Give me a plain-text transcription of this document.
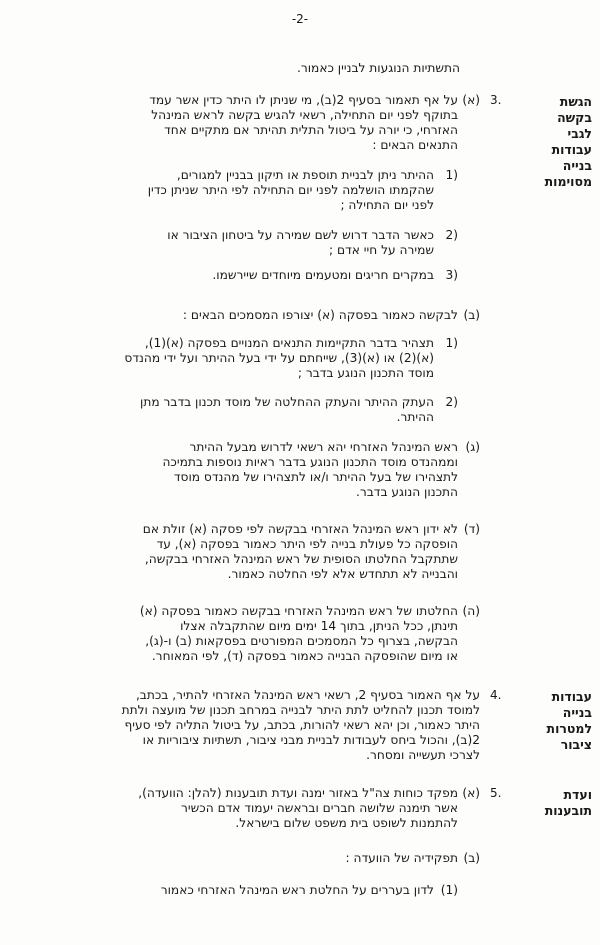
-2-
התשתיות הנוגעות לבניין כאמור.
הגשת
בקשה
לגבי
עבודות
בנייה
מסוימות
3.
(א)
על אף תאמור בסעיף 2(ב), מי שניתן לו היתר כדין אשר עמד
בתוקף לפני יום התחילה, רשאי להגיש בקשה לראש המינהל
האזרחי, כי יורה על ביטול התלית תהיתר אם מתקיים אחד
התנאים הבאים :
(1
ההיתר ניתן לבניית תוספת או תיקון בבניין למגורים,
שהקמתו הושלמה לפני יום התחילה לפי היתר שניתן כדין
לפני יום התחילה ;
(2
כאשר הדבר דרוש לשם שמירה על ביטחון הציבור או
שמירה על חיי אדם ;
(3
במקרים חריגים ומטעמים מיוחדים שיירשמו.
(ב)
לבקשה כאמור בפסקה (א) יצורפו המסמכים הבאים :
(1
תצהיר בדבר התקיימות התנאים המנויים בפסקה (א)(1),
(א)(2) או (א)(3), שייחתם על ידי בעל ההיתר ועל ידי מהנדס
מוסד התכנון הנוגע בדבר ;
(2
העתק ההיתר והעתק ההחלטה של מוסד תכנון בדבר מתן
ההיתר.
(ג)
ראש המינהל האזרחי יהא רשאי לדרוש מבעל ההיתר
וממהנדס מוסד התכנון הנוגע בדבר ראיות נוספות בתמיכה
לתצהירו של בעל ההיתר ו/או לתצהירו של מהנדס מוסד
התכנון הנוגע בדבר.
(ד)
לא ידון ראש המינהל האזרחי בבקשה לפי פסקה (א) זולת אם
הופסקה כל פעולת בנייה לפי היתר כאמור בפסקה (א), עד
שתתקבל החלטתו הסופית של ראש המינהל האזרחי בבקשה,
והבנייה לא תתחדש אלא לפי החלטה כאמור.
(ה)
החלטתו של ראש המינהל האזרחי בבקשה כאמור בפסקה (א)
תינתן, ככל הניתן, בתוך 14 ימים מיום שהתקבלה אצלו
הבקשה, בצרוף כל המסמכים המפורטים בפסקאות (ב) ו-(ג),
או מיום שהופסקה הבנייה כאמור בפסקה (ד), לפי המאוחר.
עבודות
בנייה
למטרות
ציבור
4.
על אף האמור בסעיף 2, רשאי ראש המינהל האזרחי להתיר, בכתב,
למוסד תכנון להחליט לתת היתר לבנייה במרחב תכנון של מועצה ולתת
היתר כאמור, וכן יהא רשאי להורות, בכתב, על ביטול התליה לפי סעיף
2(ב), והכול ביחס לעבודות לבניית מבני ציבור, תשתיות ציבוריות או
לצרכי תעשייה ומסחר.
ועדת
תובענות
5.
(א)
מפקד כוחות צה"ל באזור ימנה ועדת תובענות (להלן: הוועדה),
אשר תימנה שלושה חברים ובראשה יעמוד אדם הכשיר
להתמנות לשופט בית משפט שלום בישראל.
(ב)
תפקידיה של הוועדה :
(1)
לדון בעררים על החלטת ראש המינהל האזרחי כאמור
